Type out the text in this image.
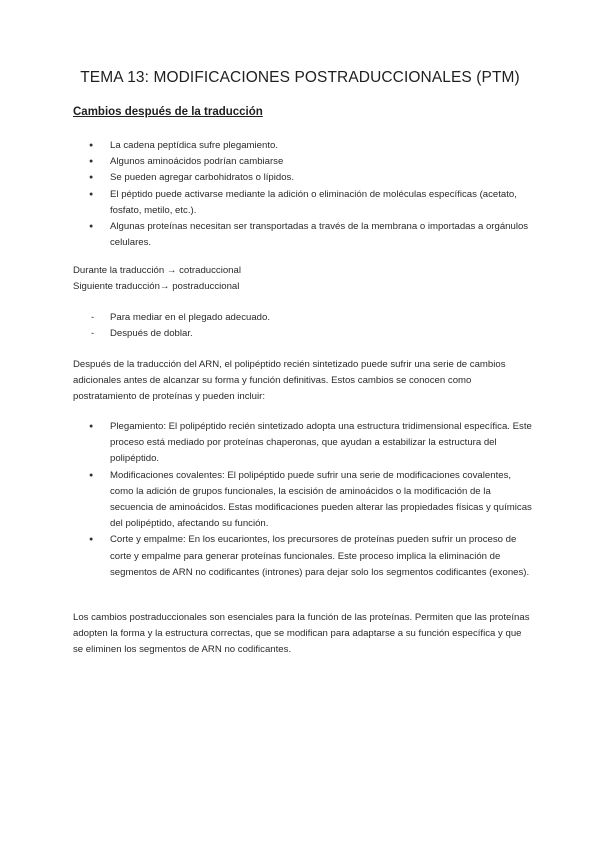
TEMA 13: MODIFICACIONES POSTRADUCCIONALES (PTM)
Cambios después de la traducción
● La cadena peptídica sufre plegamiento.
● Algunos aminoácidos podrían cambiarse
● Se pueden agregar carbohidratos o lípidos.
● El péptido puede activarse mediante la adición o eliminación de moléculas específicas (acetato, fosfato, metilo, etc.).
● Algunas proteínas necesitan ser transportadas a través de la membrana o importadas a orgánulos celulares.

Durante la traducción → cotraduccional

Siguiente traducción→ postraduccional

- Para mediar en el plegado adecuado.
- Después de doblar.

Después de la traducción del ARN, el polipéptido recién sintetizado puede sufrir una serie de cambios adicionales antes de alcanzar su forma y función definitivas. Estos cambios se conocen como postratamiento de proteínas y pueden incluir:

● Plegamiento: El polipéptido recién sintetizado adopta una estructura tridimensional específica. Este proceso está mediado por proteínas chaperonas, que ayudan a estabilizar la estructura del polipéptido.
● Modificaciones covalentes: El polipéptido puede sufrir una serie de modificaciones covalentes, como la adición de grupos funcionales, la escisión de aminoácidos o la modificación de la secuencia de aminoácidos. Estas modificaciones pueden alterar las propiedades físicas y químicas del polipéptido, afectando su función.
● Corte y empalme: En los eucariontes, los precursores de proteínas pueden sufrir un proceso de corte y empalme para generar proteínas funcionales. Este proceso implica la eliminación de segmentos de ARN no codificantes (intrones) para dejar solo los segmentos codificantes (exones).

Los cambios postraduccionales son esenciales para la función de las proteínas. Permiten que las proteínas adopten la forma y la estructura correctas, que se modifican para adaptarse a su función específica y que se eliminen los segmentos de ARN no codificantes.
